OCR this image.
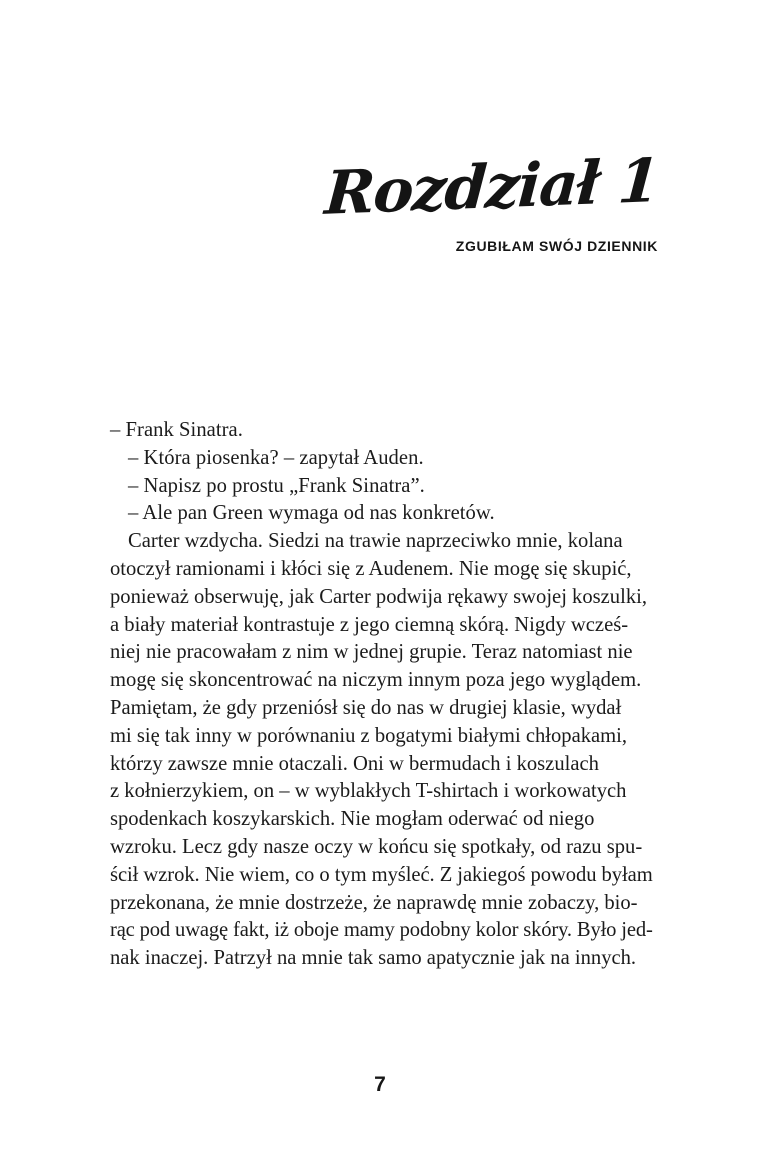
Rozdział 1
ZGUBIŁAM SWÓJ DZIENNIK
– Frank Sinatra.
– Która piosenka? – zapytał Auden.
– Napisz po prostu „Frank Sinatra”.
– Ale pan Green wymaga od nas konkretów.
Carter wzdycha. Siedzi na trawie naprzeciwko mnie, kolana
otoczył ramionami i kłóci się z Audenem. Nie mogę się skupić,
ponieważ obserwuję, jak Carter podwija rękawy swojej koszulki,
a biały materiał kontrastuje z jego ciemną skórą. Nigdy wcześ-
niej nie pracowałam z nim w jednej grupie. Teraz natomiast nie
mogę się skoncentrować na niczym innym poza jego wyglądem.
Pamiętam, że gdy przeniósł się do nas w drugiej klasie, wydał
mi się tak inny w porównaniu z bogatymi białymi chłopakami,
którzy zawsze mnie otaczali. Oni w bermudach i koszulach
z kołnierzykiem, on – w wyblakłych T-shirtach i workowatych
spodenkach koszykarskich. Nie mogłam oderwać od niego
wzroku. Lecz gdy nasze oczy w końcu się spotkały, od razu spu-
ścił wzrok. Nie wiem, co o tym myśleć. Z jakiegoś powodu byłam
przekonana, że mnie dostrzeże, że naprawdę mnie zobaczy, bio-
rąc pod uwagę fakt, iż oboje mamy podobny kolor skóry. Było jed-
nak inaczej. Patrzył na mnie tak samo apatycznie jak na innych.
7
